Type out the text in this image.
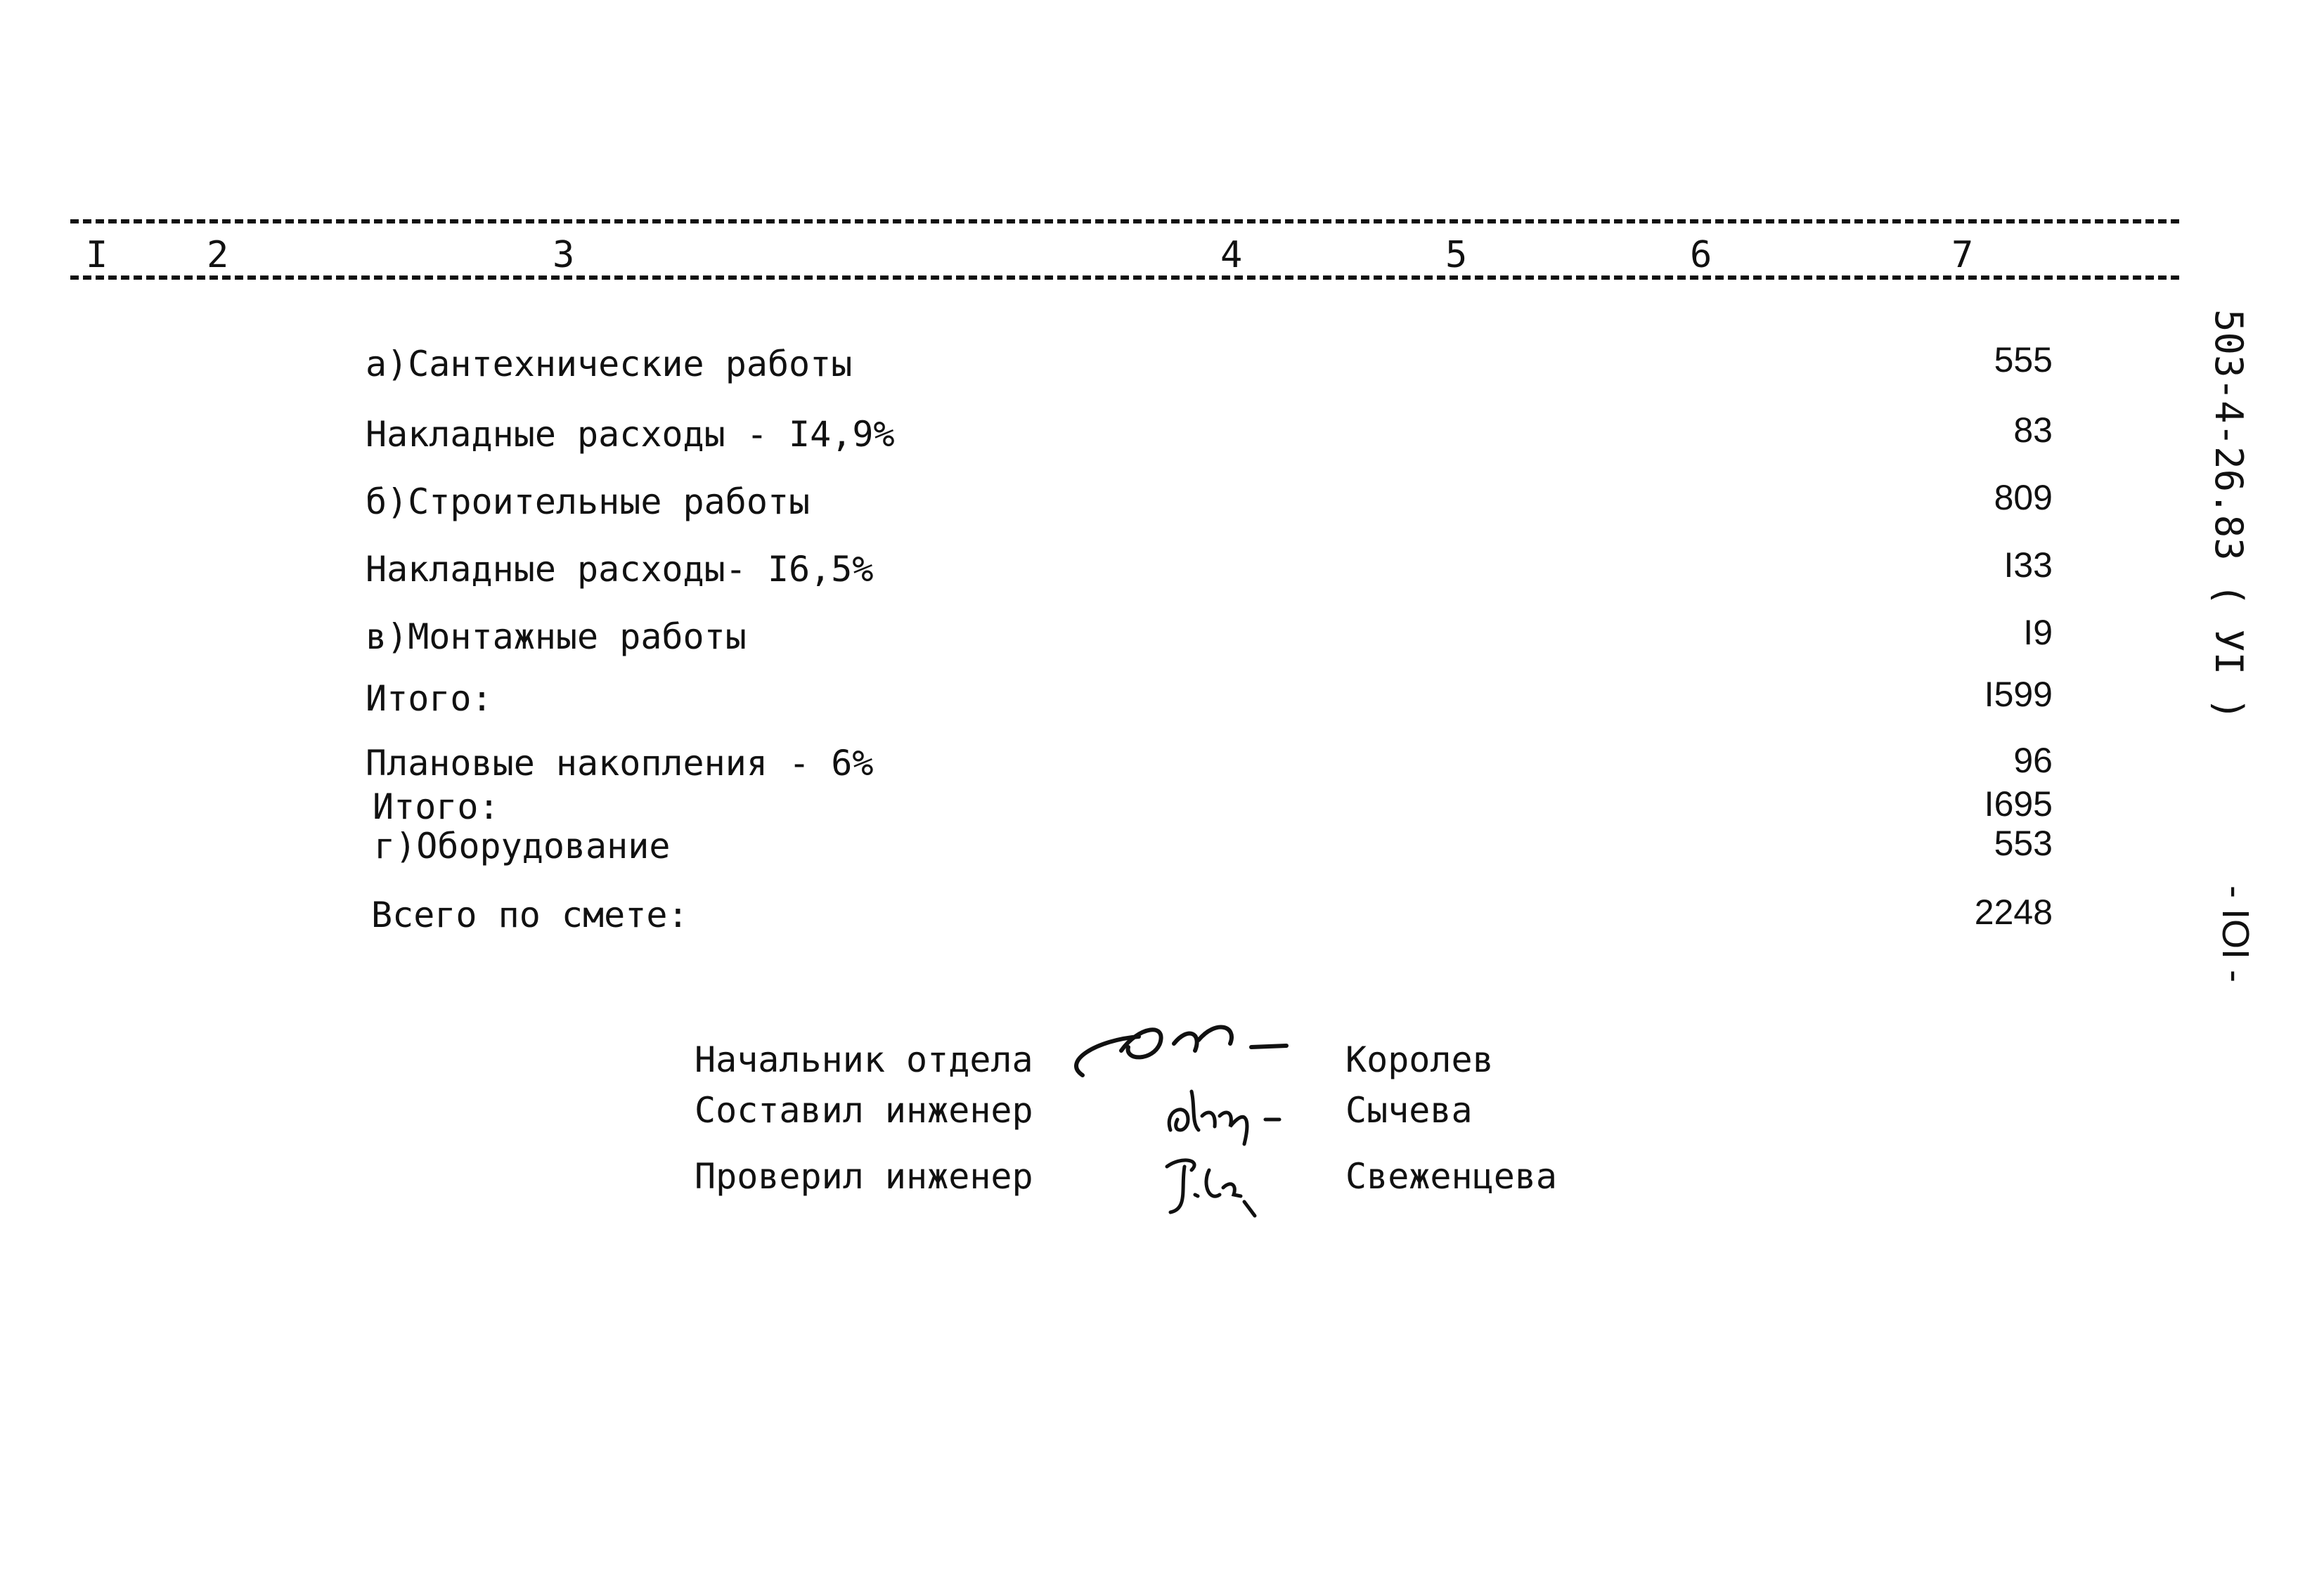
I	2	3	4	5	6	7
а)Сантехнические работы	555
Накладные расходы - I4,9%	83
б)Строительные работы	809
Накладные расходы- I6,5%	I33
в)Монтажные работы	I9
Итого:	I599
Плановые накопления - 6%	96
Итого:	I695
г)Оборудование	553
Всего по смете:	2248
503-4-26.83 ( УI )
- IOI -
Начальник отдела	Королев
Составил инженер	Сычева
Проверил инженер	Свеженцева
